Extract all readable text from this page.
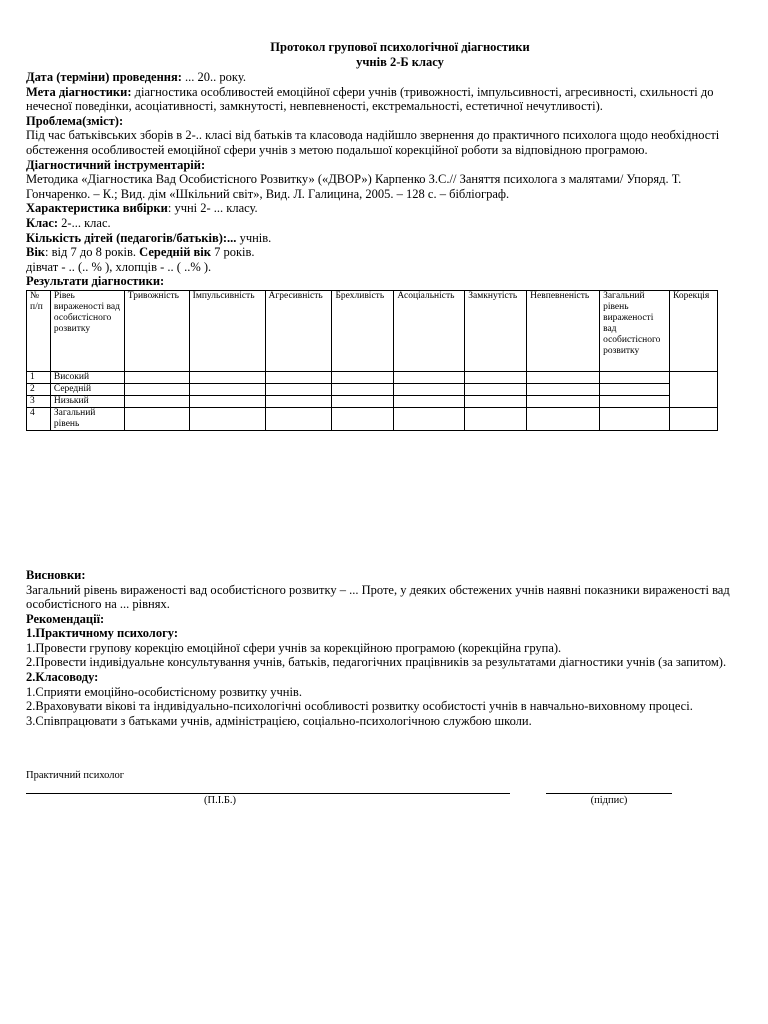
Протокол групової психологічної діагностики
учнів 2-Б класу

Дата (терміни) проведення: ... 20.. року.

Мета діагностики: діагностика особливостей емоційної сфери учнів (тривожності, імпульсивності, агресивності, схильності до нечесної поведінки, асоціативності, замкнутості, невпевненості, екстремальності, естетичної нечутливості).

Проблема(зміст):

Під час батьківських зборів в 2-.. класі від батьків та класовода надійшло звернення до практичного психолога щодо необхідності обстеження особливостей емоційної сфери учнів з метою подальшої корекційної роботи за відповідною програмою.

Діагностичний інструментарій:

Методика «Діагностика Вад Особистісного Розвитку» («ДВОР») Карпенко З.С.// Заняття психолога з малятами/ Упоряд. Т. Гончаренко. – К.; Вид. дім «Шкільний світ», Вид. Л. Галицина, 2005. – 128 с. – бібліограф.

Характеристика вибірки: учні 2- ... класу.

Клас: 2-... клас.

Кількість дітей (педагогів/батьків):... учнів.

Вік: від 7 до 8 років. Середній вік 7 років.

дівчат - .. (.. % ), хлопців - .. ( ..% ).

Результати діагностики:

№ п/п	Рівеь вираженості вад особистісного розвитку	Тривожність	Імпульсивність	Агресивність	Брехливість	Асоціальність	Замкнутість	Невпевненість	Загальний рівень вираженості вад особистісного розвитку	Корекція
1	Високий									
2	Середній									
3	Низький									
4	Загальний рівень									

Висновки:

Загальний рівень вираженості вад особистісного розвитку – ... Проте, у деяких обстежених учнів наявні показники вираженості вад особистісного на ... рівнях.

Рекомендації:

1.Практичному психологу:

1.Провести групову корекцію емоційної сфери учнів за корекційною програмою (корекційна група).

2.Провести індивідуальне консультування учнів, батьків, педагогічних працівників за результатами діагностики учнів (за запитом).

2.Класоводу:

1.Сприяти емоційно-особистісному розвитку учнів.

2.Враховувати вікові та індивідуально-психологічні особливості розвитку особистості учнів в навчально-виховному процесі.

3.Співпрацювати з батьками учнів, адміністрацією, соціально-психологічною службою школи.

Практичний психолог
(П.І.Б.)	(підпис)
